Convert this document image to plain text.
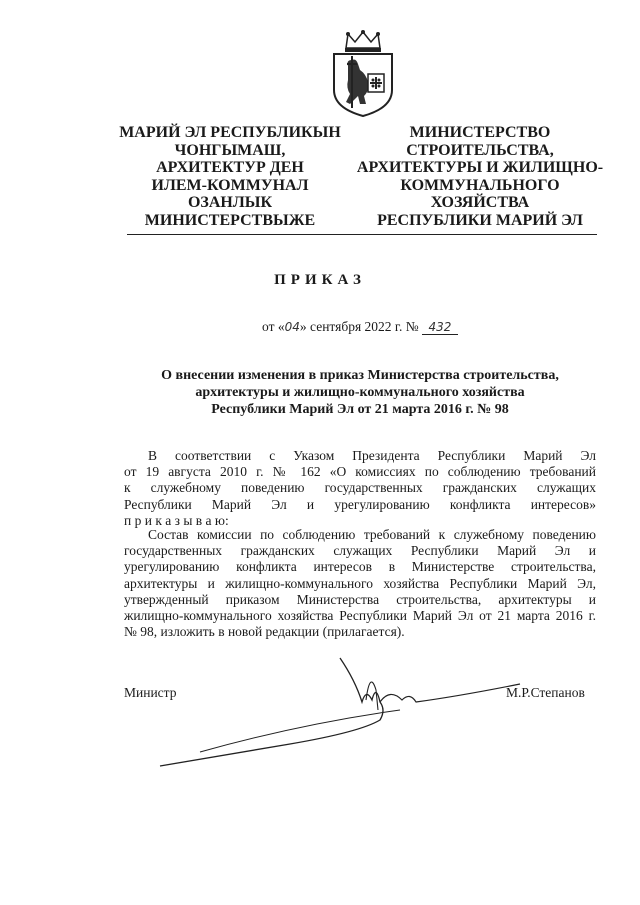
МАРИЙ ЭЛ РЕСПУБЛИКЫН
ЧОНГЫМАШ,
АРХИТЕКТУР ДЕН
ИЛЕМ-КОММУНАЛ
ОЗАНЛЫК
МИНИСТЕРСТВЫЖЕ
МИНИСТЕРСТВО
СТРОИТЕЛЬСТВА,
АРХИТЕКТУРЫ И ЖИЛИЩНО-
КОММУНАЛЬНОГО
ХОЗЯЙСТВА
РЕСПУБЛИКИ МАРИЙ ЭЛ
ПРИКАЗ
от «04» сентября 2022 г. № 432
О внесении изменения в приказ Министерства строительства,
архитектуры и жилищно-коммунального хозяйства
Республики Марий Эл от 21 марта 2016 г. № 98
В соответствии с Указом Президента Республики Марий Эл
от 19 августа 2010 г. № 162 «О комиссиях по соблюдению требований
к служебному поведению государственных гражданских служащих
Республики Марий Эл и урегулированию конфликта интересов»
п р и к а з ы в а ю:
Состав комиссии по соблюдению требований к служебному поведению
государственных гражданских служащих Республики Марий Эл и
урегулированию конфликта интересов в Министерстве строительства,
архитектуры и жилищно-коммунального хозяйства Республики Марий Эл,
утвержденный приказом Министерства строительства, архитектуры и
жилищно-коммунального хозяйства Республики Марий Эл от 21 марта 2016 г.
№ 98, изложить в новой редакции (прилагается).
Министр	М.Р.Степанов
